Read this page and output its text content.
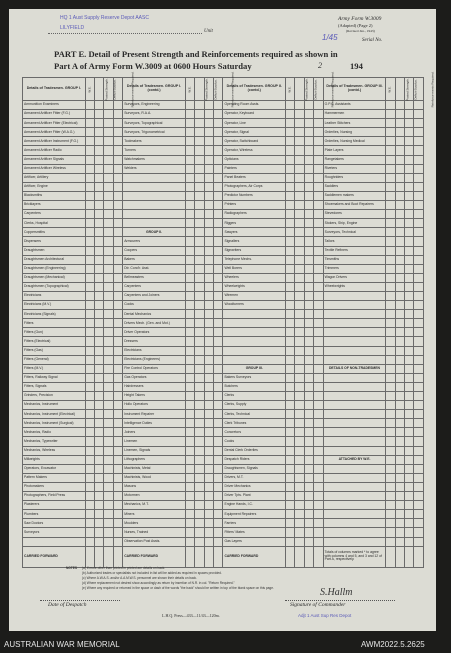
HQ 1 Aust Supply Reserve Depot AASC
LILYFIELD
Unit
Army Form W.3009
(Adapted) (Page 2)
(Revised Jan., 1943)
1/45	Serial No.
PART E. Detail of Present Strength and Reinforcements required as shown in
Part A of Army Form W.3009 at 0600 Hours Saturday	2	194
Details of Tradesmen. GROUP I.	W.E.	Posted Strength.	Deficit-Surplus.	Reinforce-ments Required.	Details of Tradesmen. GROUP I. (contd.)	W.E.	Posted Strength.	Deficit-Surplus.	Reinforce-ments Required.	Details of Tradesmen. GROUP II. (contd.)	W.E.	Posted Strength.	Deficit-Surplus.	Reinforce-ments Required.	Details of Tradesmen. GROUP III. (contd.)	W.E.	Posted Strength.	Deficit-Surplus.	Reinforce-ments Required.
Ammunition Examiners					Surveyors, Engineering					Operating Room Assts.					O.P.C. Assistants				
Armament Artificer Fitter (F.G.)					Surveyors, R.A.A.					Operator, Keyboard					Hammermen				
Armament Artificer Fitter (Electrical)					Surveyors, Topographical					Operator, Line					Leather Stitchers				
Armament Artificer Fitter (W.A.G.)					Surveyors, Trigonometrical					Operator, Signal					Orderlies, Nursing				
Armament Artificer Instrument (F.G.)					Toolmakers					Operator, Switchboard					Orderlies, Nursing Medical				
Armament Artificer Radio					Turners					Operator, Wireless					Plate Layers				
Armament Artificer Signals					Watchmakers					Opticians					Rangetakers				
Armament Artificer Wireless					Welders					Painters					Riveters				
Artificer, Artillery										Panel Beaters					Roughriders				
Artificer, Engine										Photographers, Air Corps					Saddlers				
Blacksmiths										Predictor Numbers					Saddlemen makers				
Bricklayers										Printers					Shoemakers and Boot Repairers				
Carpenters										Radiographers					Stevedores				
Clerks, Hospital										Riggers					Stokers, Ship, Engine				
Coppersmiths					GROUP II.					Sawyers					Surveyors, Technical				
Dispensers					Armourers					Signallers					Tailors				
Draughtsmen					Coopers					Signwriters					Textile Refiners				
Draughtsmen Architectural					Bakers					Telephone Mechs.					Tinsmiths				
Draughtsmen (Engineering)					Dtr. Cond'r. Asst.					Well Borers					Trimmers				
Draughtsmen (Mechanical)					Bellmeasters					Wheelers					Wagon Drivers				
Draughtsmen (Topographical)					Carpenters					Wheelwrights					Wheelwrights				
Electricians					Carpenters and Joiners					Wiremen									
Electricians (M.V.)					Cooks					Woodturners									
Electricians (Signals)					Dental Mechanics														
Fitters					Drivers Mech. (Gen. and Mot.)														
Fitters (Gun)					Driver Operators														
Fitters (Electrical)					Dressers														
Fitters (Gas)					Electricians														
Fitters (General)					Electricians (Engineers)														
Fitters (M.V.)					Fire Control Operators					GROUP III.					DETAILS OF NON-TRADESMEN				
Fitters, Railway Signal					Gas Operators					Bakers Surveyors									
Fitters, Signals					Hairdressers					Butchers									
Grinders, Precision					Height Takers					Clerks									
Mechanics, Instrument					Hollo Operators					Clerks, Supply									
Mechanics, Instrument (Electrical)					Instrument Repairer					Clerks, Technical									
Mechanics, Instrument (Surgical)					Intelligence Duties					Clerk Tribunes									
Mechanics, Radio					Joiners					Concretors									
Mechanics, Typewriter					Linemen					Cooks									
Mechanics, Wireless					Linemen, Signals					Dental Clerk Orderlies									
Millwrights					Lithographers					Despatch Riders					ATTACHED BY W.E.				
Operators, Excavator					Machinists, Metal					Draughtsmen, Signals									
Pattern Makers					Machinists, Wood					Drivers, M.T.									
Photomakers					Masons					Driver Mechanics									
Photographers, Field Press					Motormen					Driver Tpts. Plant									
Plasterers					Mechanics, M.T.					Engine Hands, I.C.									
Plumbers					Miners					Equipment Repairers									
Saw Doctors					Moulders					Farriers									
Surveyors					Nurses, Trained					Fitters' Mates									
					Observation Post Assts.					Gas Layers									
CARRIED FORWARD					CARRIED FORWARD					CARRIED FORWARD					Totals of columns marked * to agree with columns 4 and 5, and 3 and 12 of Part A, respectively.				
NOTES (a) If more other than printed in printed are details on back.
(b) Authorized trades or specialists not included in list will be added as required in spaces provided.
(c) Where A.W.A.S. and/or A.A.M.W.S. personnel are shown their details on back.
(d) Where replacement not desired show accordingly as return by insertion of N.R. in col. "Return Required."
(e) Where any required or returned in the space or dash of the words "the back" should be written in top of the blank space on this page.
Date of Despatch
L.H.Q. Press—433—11/43—120m.
S.Hallm
Signature of Commander
Adjt 1 Aust Sup Res Depot
AUSTRALIAN WAR MEMORIAL	AWM2022.5.2625
